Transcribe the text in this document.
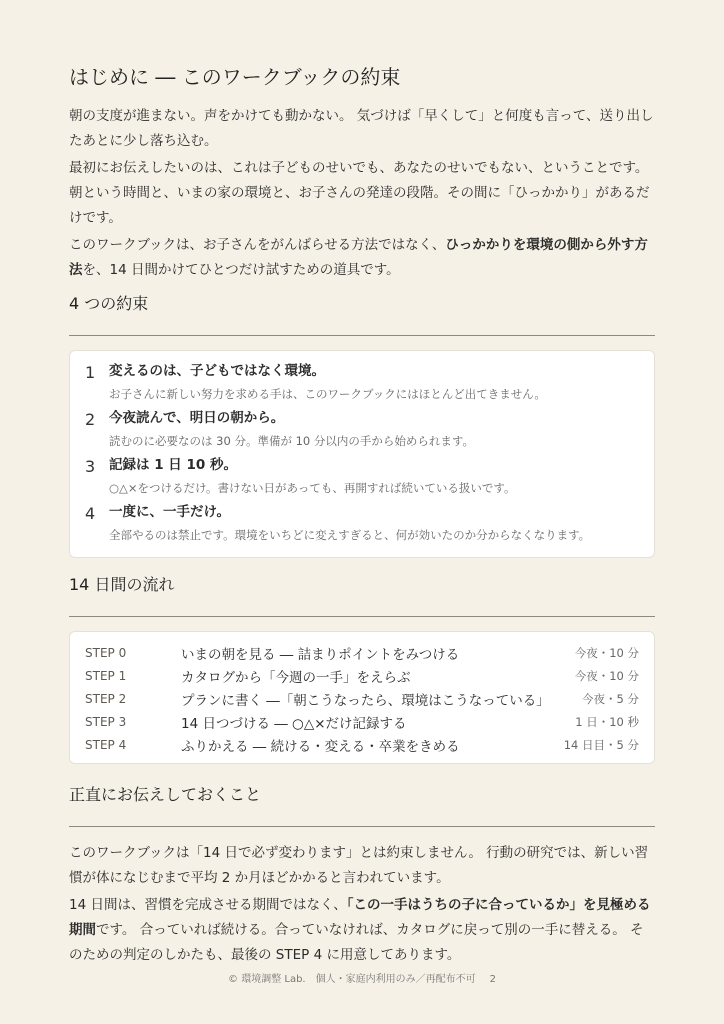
はじめに ― このワークブックの約束

朝の支度が進まない。声をかけても動かない。 気づけば「早くして」と何度も言って、送り出したあとに少し落ち込む。

最初にお伝えしたいのは、これは子どものせいでも、あなたのせいでもない、ということです。 朝という時間と、いまの家の環境と、お子さんの発達の段階。その間に「ひっかかり」があるだけです。

このワークブックは、お子さんをがんばらせる方法ではなく、ひっかかりを環境の側から外す方法を、14 日間かけてひとつだけ試すための道具です。

4 つの約束
1	変えるのは、子どもではなく環境。
お子さんに新しい努力を求める手は、このワークブックにはほとんど出てきません。
2	今夜読んで、明日の朝から。
読むのに必要なのは 30 分。準備が 10 分以内の手から始められます。
3	記録は 1 日 10 秒。
○△×をつけるだけ。書けない日があっても、再開すれば続いている扱いです。
4	一度に、一手だけ。
全部やるのは禁止です。環境をいちどに変えすぎると、何が効いたのか分からなくなります。
14 日間の流れ
STEP 0	いまの朝を見る ― 詰まりポイントをみつける	今夜・10 分
STEP 1	カタログから「今週の一手」をえらぶ	今夜・10 分
STEP 2	プランに書く ―「朝こうなったら、環境はこうなっている」	今夜・5 分
STEP 3	14 日つづける ― ○△×だけ記録する	1 日・10 秒
STEP 4	ふりかえる ― 続ける・変える・卒業をきめる	14 日目・5 分
正直にお伝えしておくこと

このワークブックは「14 日で必ず変わります」とは約束しません。 行動の研究では、新しい習慣が体になじむまで平均 2 か月ほどかかると言われています。

14 日間は、習慣を完成させる期間ではなく、「この一手はうちの子に合っているか」を見極める期間です。 合っていれば続ける。合っていなければ、カタログに戻って別の一手に替える。 そのための判定のしかたも、最後の STEP 4 に用意してあります。

© 環境調整 Lab.　個人・家庭内利用のみ／再配布不可 2
